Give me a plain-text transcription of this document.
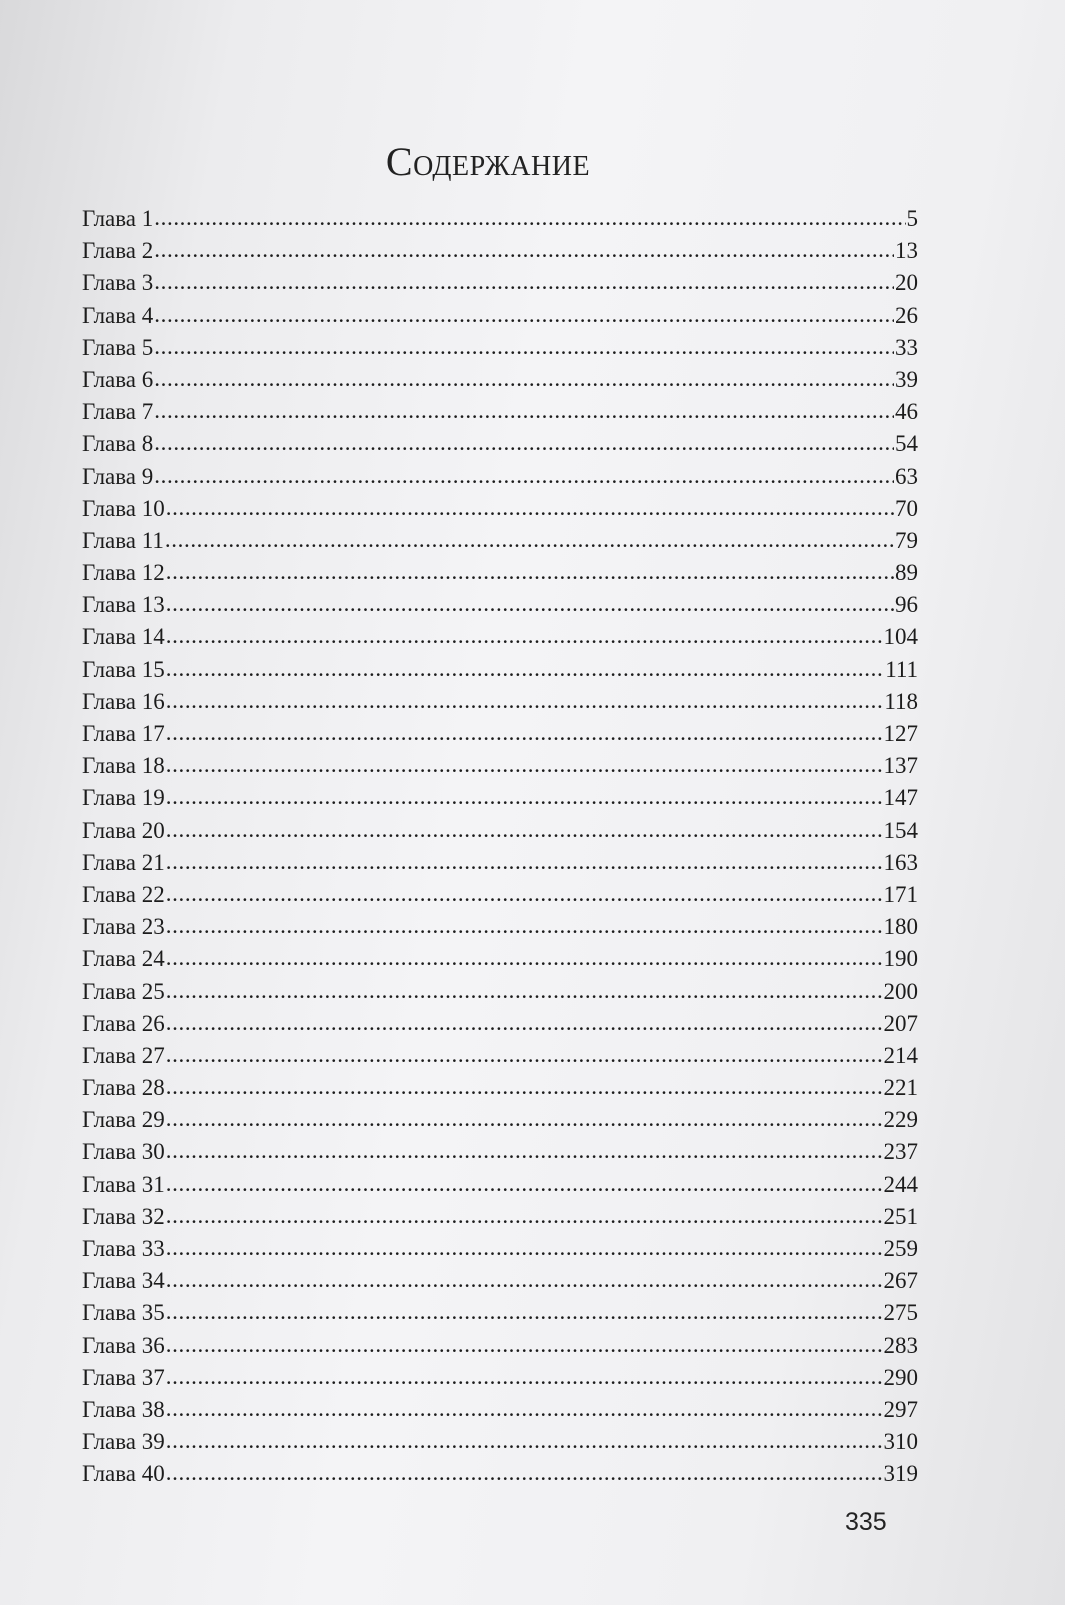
Содержание
Глава 1 .....	5
Глава 2 .....	13
Глава 3 .....	20
Глава 4 .....	26
Глава 5 .....	33
Глава 6 .....	39
Глава 7 .....	46
Глава 8 .....	54
Глава 9 .....	63
Глава 10 .....	70
Глава 11 .....	79
Глава 12 .....	89
Глава 13 .....	96
Глава 14 .....	104
Глава 15 .....	111
Глава 16 .....	118
Глава 17 .....	127
Глава 18 .....	137
Глава 19 .....	147
Глава 20 .....	154
Глава 21 .....	163
Глава 22 .....	171
Глава 23 .....	180
Глава 24 .....	190
Глава 25 .....	200
Глава 26 .....	207
Глава 27 .....	214
Глава 28 .....	221
Глава 29 .....	229
Глава 30 .....	237
Глава 31 .....	244
Глава 32 .....	251
Глава 33 .....	259
Глава 34 .....	267
Глава 35 .....	275
Глава 36 .....	283
Глава 37 .....	290
Глава 38 .....	297
Глава 39 .....	310
Глава 40 .....	319
335
